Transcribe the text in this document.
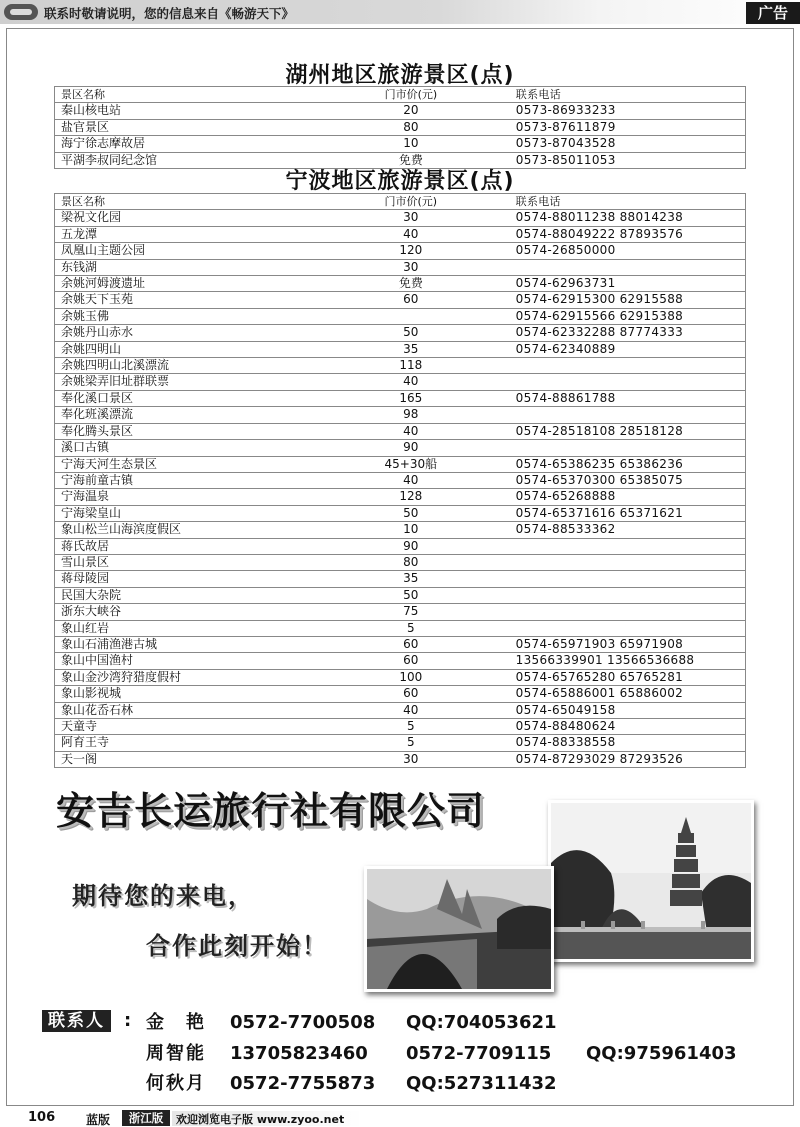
联系时敬请说明，您的信息来自《畅游天下》	广告
湖州地区旅游景区(点)
景区名称	门市价(元)	联系电话
秦山核电站	20	0573-86933233
盐官景区	80	0573-87611879
海宁徐志摩故居	10	0573-87043528
平湖李叔同纪念馆	免费	0573-85011053
宁波地区旅游景区(点)
景区名称	门市价(元)	联系电话
梁祝文化园	30	0574-88011238 88014238
五龙潭	40	0574-88049222 87893576
凤凰山主题公园	120	0574-26850000
东钱湖	30	
余姚河姆渡遗址	免费	0574-62963731
余姚天下玉苑	60	0574-62915300 62915588
余姚玉佛		0574-62915566 62915388
余姚丹山赤水	50	0574-62332288 87774333
余姚四明山	35	0574-62340889
余姚四明山北溪漂流	118	
余姚梁弄旧址群联票	40	
奉化溪口景区	165	0574-88861788
奉化班溪漂流	98	
奉化腾头景区	40	0574-28518108 28518128
溪口古镇	90	
宁海天河生态景区	45+30船	0574-65386235 65386236
宁海前童古镇	40	0574-65370300 65385075
宁海温泉	128	0574-65268888
宁海梁皇山	50	0574-65371616 65371621
象山松兰山海滨度假区	10	0574-88533362
蒋氏故居	90	
雪山景区	80	
蒋母陵园	35	
民国大杂院	50	
浙东大峡谷	75	
象山红岩	5	
象山石浦渔港古城	60	0574-65971903 65971908
象山中国渔村	60	13566339901 13566536688
象山金沙湾狩猎度假村	100	0574-65765280 65765281
象山影视城	60	0574-65886001 65886002
象山花岙石林	40	0574-65049158
天童寺	5	0574-88480624
阿育王寺	5	0574-88338558
天一阁	30	0574-87293029 87293526
安吉长运旅行社有限公司
期待您的来电，
合作此刻开始！
联系人	: 金　艳 0572-7700508 QQ:704053621
周智能 13705823460 0572-7709115 QQ:975961403
何秋月 0572-7755873 QQ:527311432
106	蓝版	浙江版	欢迎浏览电子版 www.zyoo.net
